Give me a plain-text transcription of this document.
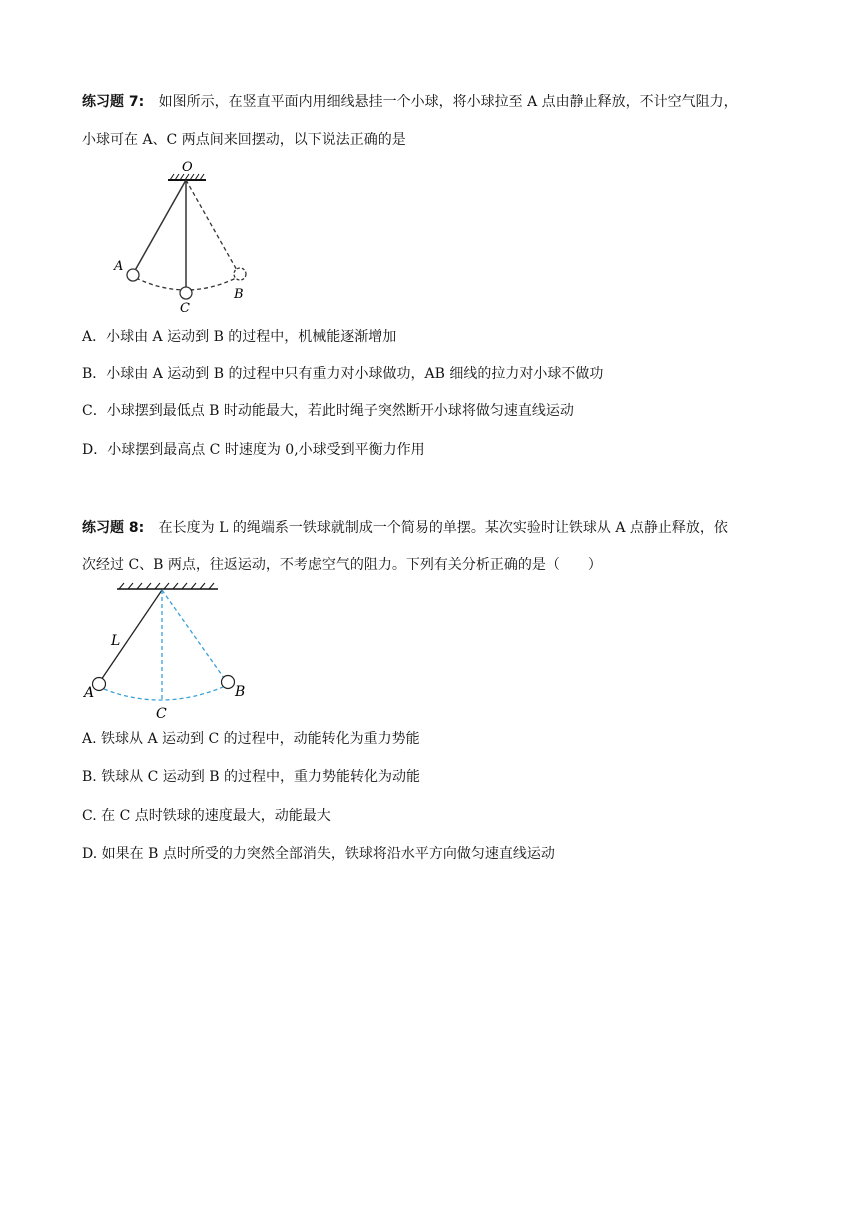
练习题 7: 如图所示，在竖直平面内用细线悬挂一个小球，将小球拉至 A 点由静止释放，不计空气阻力，
小球可在 A、C 两点间来回摆动，以下说法正确的是
O
A
C
B
A．小球由 A 运动到 B 的过程中，机械能逐渐增加
B．小球由 A 运动到 B 的过程中只有重力对小球做功，AB 细线的拉力对小球不做功
C．小球摆到最低点 B 时动能最大，若此时绳子突然断开小球将做匀速直线运动
D．小球摆到最高点 C 时速度为 0,小球受到平衡力作用
练习题 8: 在长度为 L 的绳端系一铁球就制成一个简易的单摆。某次实验时让铁球从 A 点静止释放，依
次经过 C、B 两点，往返运动，不考虑空气的阻力。下列有关分析正确的是（　　）
L
A
C
B
A. 铁球从 A 运动到 C 的过程中，动能转化为重力势能
B. 铁球从 C 运动到 B 的过程中，重力势能转化为动能
C. 在 C 点时铁球的速度最大，动能最大
D. 如果在 B 点时所受的力突然全部消失，铁球将沿水平方向做匀速直线运动
